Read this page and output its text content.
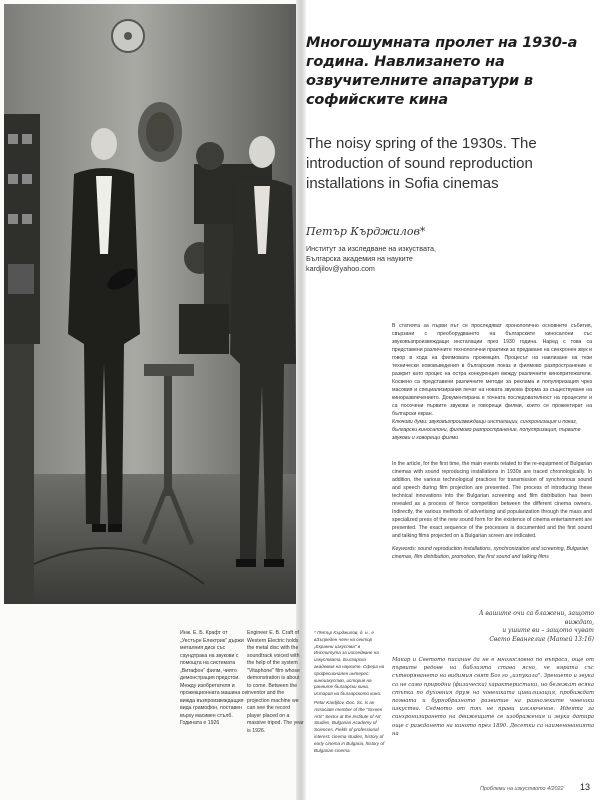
Инж. Е. Б. Крафт от „Уестърн Електрик" държи металния диск със саундтрака на звукови с помощта на системата „Витафон" филм, чиято демонстрация предстои. Между изобретателя и прожекционната машина се вижда възпроизвеждащия вида грамофон, поставен върху масивен стълб. Годината е 1926

Engineer E. B. Craft of Western Electric holds the metal disc with the soundtrack voiced with the help of the system "Vitaphone" film whose demonstration is about to come. Between the inventor and the projection machine we can see the record player placed on a massive tripod. The year is 1926.

* Петър Кърджилов, д. н., е вЗъпреден член на сектор „Екранни изкуства" в Института за изследване на изкуствата, Българска академия на науките. Сфера на професионален интерес: киноизкуство, история на ранните български кина, история на българското кино.

Petar Kardjilov, Doc. Sc. is an Associate member of the "Screen Arts" Sector at the Institute of Art Studies, Bulgarian Academy of Sciences. Fields of professional interest: cinema studies, history of early cinema in Bulgaria, history of Bulgarian cinema.

Многошумната пролет на 1930-а година. Навлизането на озвучителните апаратури в софийските кина
The noisy spring of the 1930s. The introduction of sound reproduction installations in Sofia cinemas

Петър Кърджилов*

Институт за изследване на изкуствата,
Българска академия на науките
kardjilov@yahoo.com

В статията за първи път се проследяват хронологично основните събития, свързани с преоборудването на българските киносалони със звуковъзпроизвеждащи инсталации през 1930 година. Наред с това са представени различните технологични практики за предаване на синхронен звук и говор в хода на филмовата прожекция. Процесът на навлизане на тези технически нововъведения в българския показ и филмово разпространение е разкрит като процес на остра конкуренция между различните кинопритежатели. Косвено са представени различните методи за реклама и популяризация чрез масовия и специализирания печат на новата звукова форма за съществуване на киноразвлечението. Документирана е точната последователност на процесите и са посочени първите звукови и говорещи филми, които се прожектират на български екран.

Ключови думи: звуковъзпроизвеждащи инсталации, синхронизация и показ, български киносалони, филмово разпространение, популяризация, първите звукови и говорещи филми

In the article, for the first time, the main events related to the re-equipment of Bulgarian cinemas with sound reproducing installations in 1930s are traced chronologically. In addition, the various technological practices for transmission of synchronous sound and speech during film projection are presented. The process of introducing these technical innovations into the Bulgarian screening and film distribution has been revealed as a process of fierce competition between the different cinema owners. Indirectly, the various methods of advertising and popularization through the mass and specialized press of the new sound form for the existence of cinema entertainment are presented. The exact sequence of the processes is documented and the first sound and talking films projected on a Bulgarian screen are indicated.

Keywords: sound reproduction installations, synchronization and screening, Bulgarian cinemas, film distribution, promotion, the first sound and talking films

А вашите очи са блажени, защото виждат,
и ушите ви – защото чуват
Свето Евангелие (Матей 13:16)

Макар и Светото писание да не е мнозословно по въпроса, още от първите редове на библията става ясно, че вярата със сътворяването на видимия свят Бог го „изпукала". Зрението и звука са не само природни (физически) характеристики, но бележат всяка стъпка по духовния друм на човешката цивилизация, пробиждат появата и бурнобразното развитие на разнолеките човешки изкуства. Седмото от тях не прави изключение. Идеята за синхронизирането на движещите се изображения и звука датира още с раждането на киното през 1890. Десетки са наименованията на

Проблеми на изкуството 4/2022 13
